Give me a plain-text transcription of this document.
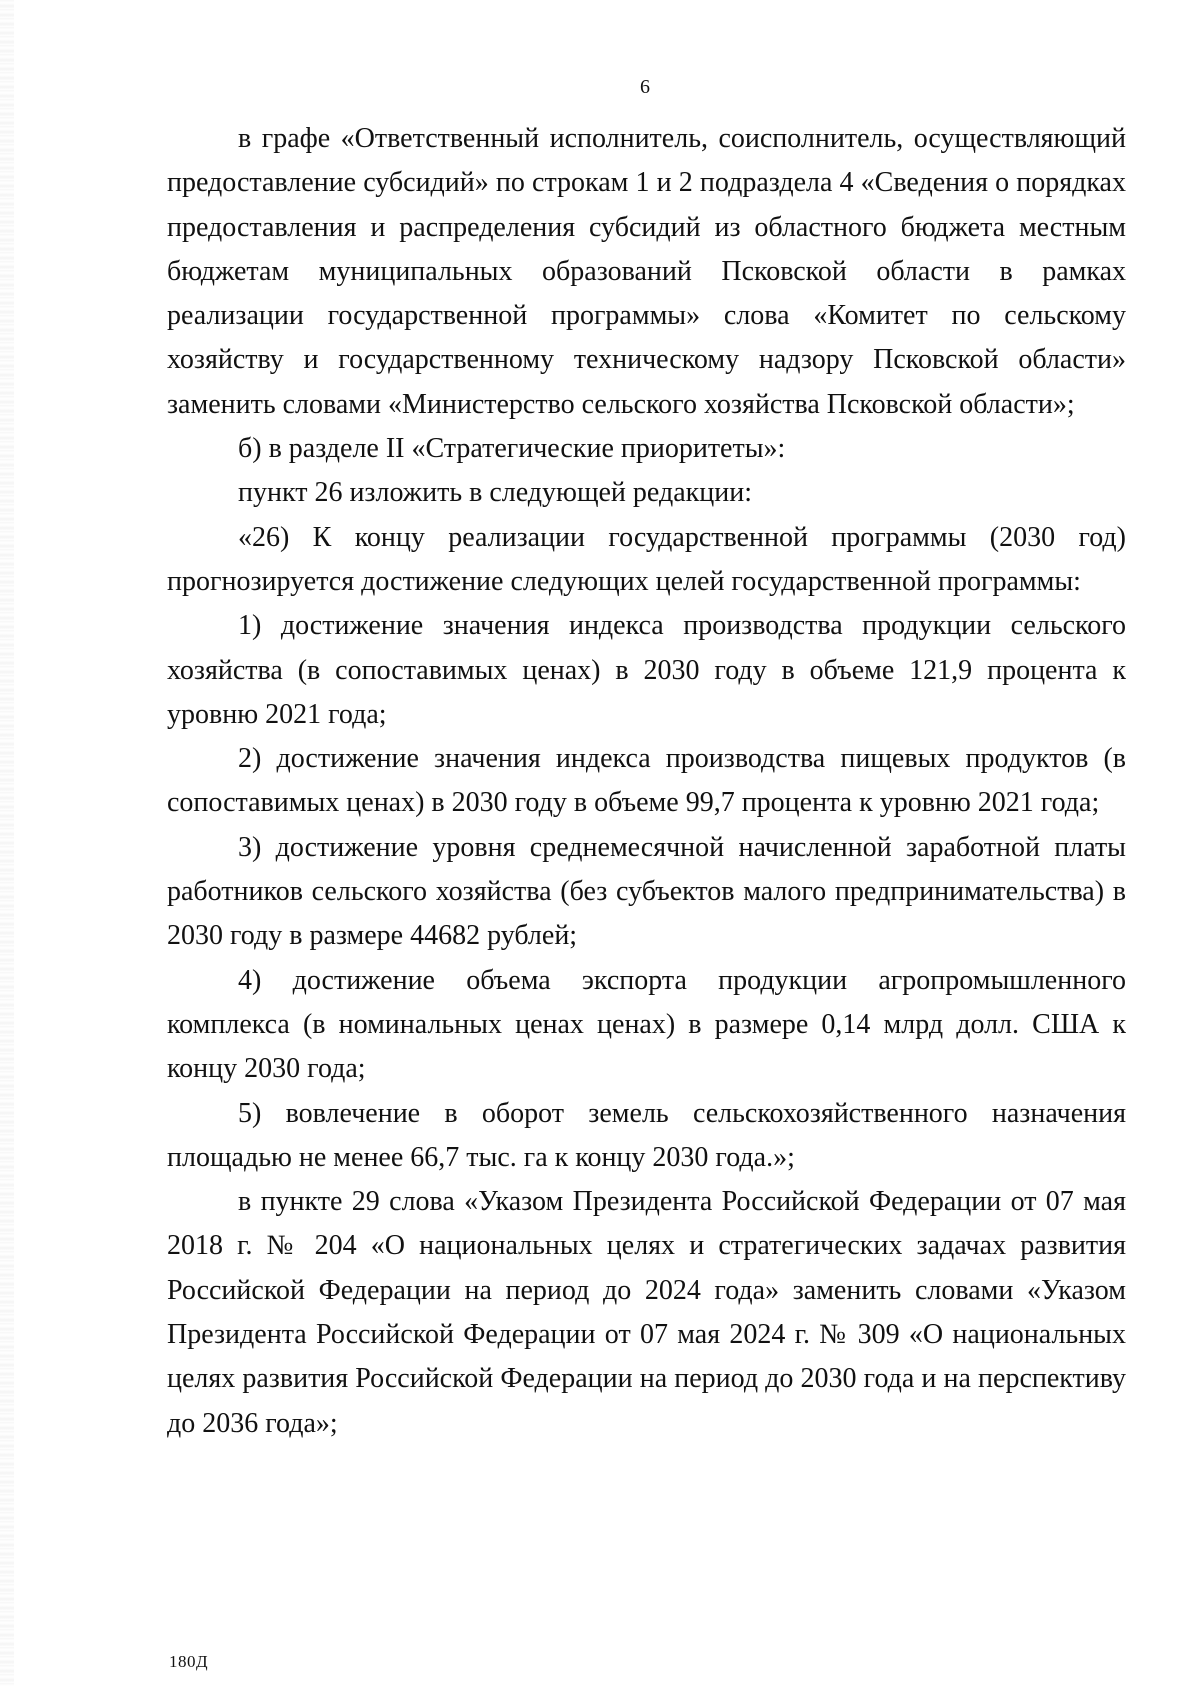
6

в графе «Ответственный исполнитель, соисполнитель, осуществляющий предоставление субсидий» по строкам 1 и 2 подраздела 4 «Сведения о порядках предоставления и распределения субсидий из областного бюджета местным бюджетам муниципальных образований Псковской области в рамках реализации государственной программы» слова «Комитет по сельскому хозяйству и государственному техническому надзору Псковской области» заменить словами «Министерство сельского хозяйства Псковской области»;

б) в разделе II «Стратегические приоритеты»:

пункт 26 изложить в следующей редакции:

«26) К концу реализации государственной программы (2030 год) прогнозируется достижение следующих целей государственной программы:

1) достижение значения индекса производства продукции сельского хозяйства (в сопоставимых ценах) в 2030 году в объеме 121,9 процента к уровню 2021 года;

2) достижение значения индекса производства пищевых продуктов (в сопоставимых ценах) в 2030 году в объеме 99,7 процента к уровню 2021 года;

3) достижение уровня среднемесячной начисленной заработной платы работников сельского хозяйства (без субъектов малого предпринимательства) в 2030 году в размере 44682 рублей;

4) достижение объема экспорта продукции агропромышленного комплекса (в номинальных ценах ценах) в размере 0,14 млрд долл. США к концу 2030 года;

5) вовлечение в оборот земель сельскохозяйственного назначения площадью не менее 66,7 тыс. га к концу 2030 года.»;

в пункте 29 слова «Указом Президента Российской Федерации от 07 мая 2018 г. № 204 «О национальных целях и стратегических задачах развития Российской Федерации на период до 2024 года» заменить словами «Указом Президента Российской Федерации от 07 мая 2024 г. № 309 «О национальных целях развития Российской Федерации на период до 2030 года и на перспективу до 2036 года»;

180Д
